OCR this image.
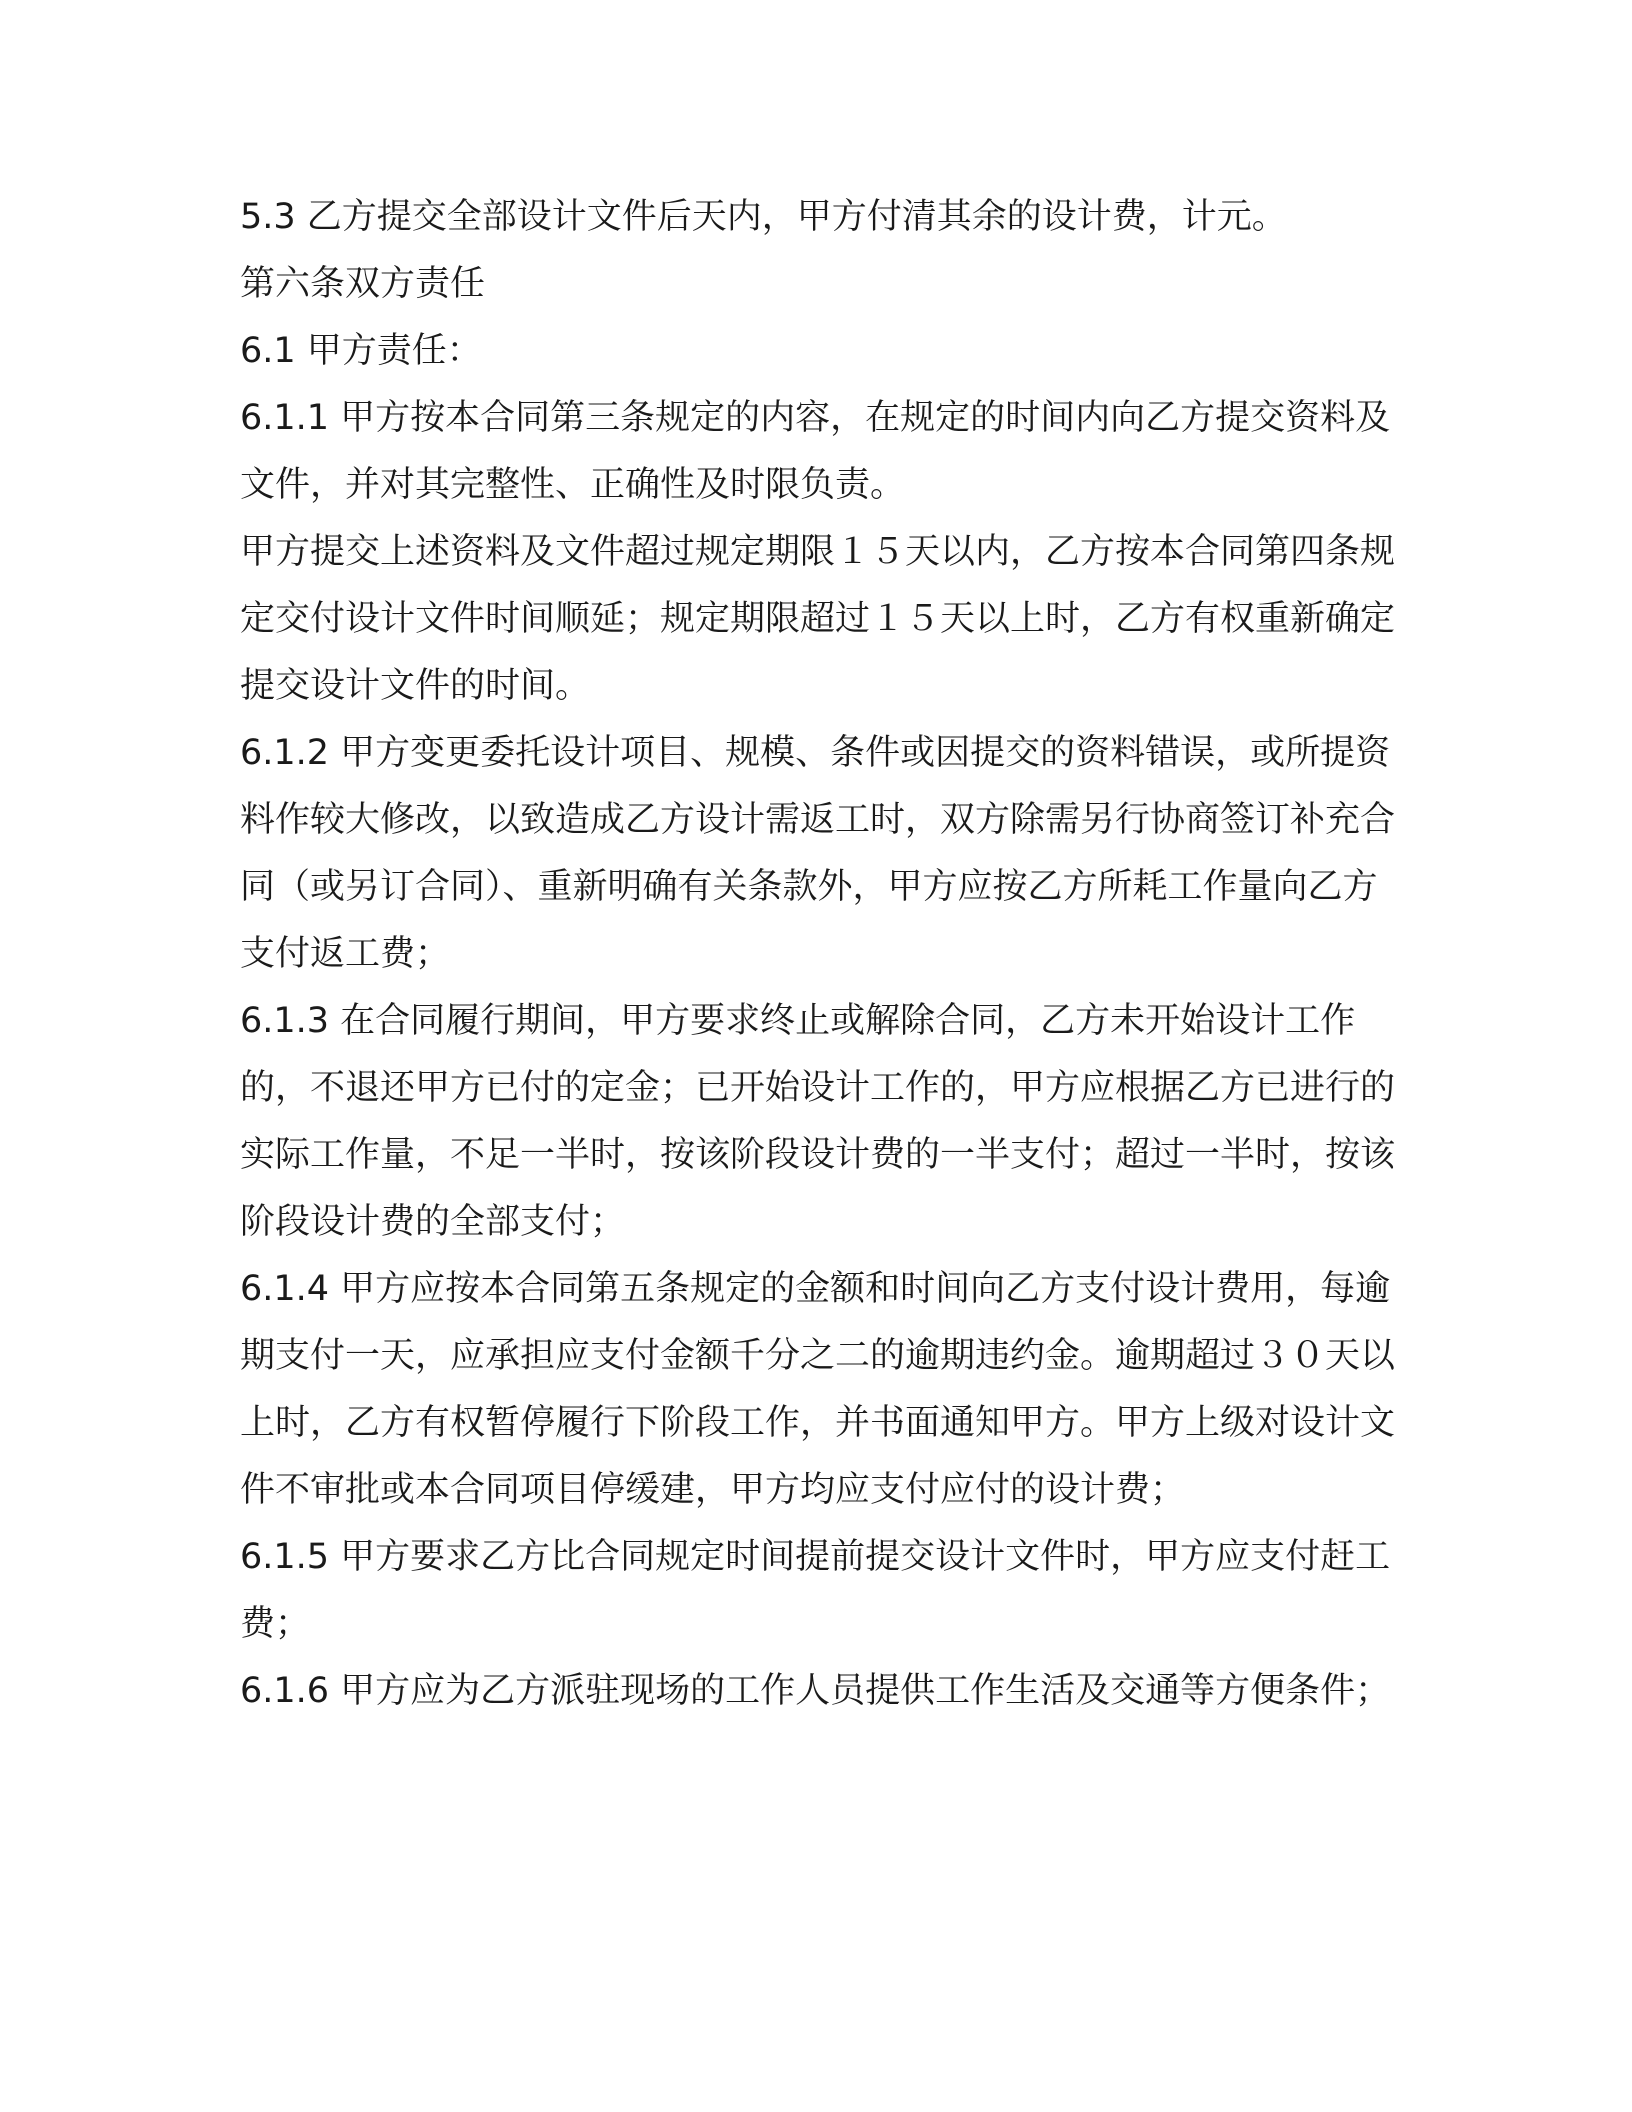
5.3 乙方提交全部设计文件后天内，甲方付清其余的设计费，计元。

第六条双方责任

6.1 甲方责任：

6.1.1 甲方按本合同第三条规定的内容，在规定的时间内向乙方提交资料及文件，并对其完整性、正确性及时限负责。

甲方提交上述资料及文件超过规定期限１５天以内，乙方按本合同第四条规定交付设计文件时间顺延；规定期限超过１５天以上时，乙方有权重新确定提交设计文件的时间。

6.1.2 甲方变更委托设计项目、规模、条件或因提交的资料错误，或所提资料作较大修改，以致造成乙方设计需返工时，双方除需另行协商签订补充合同（或另订合同）、重新明确有关条款外，甲方应按乙方所耗工作量向乙方支付返工费；

6.1.3 在合同履行期间，甲方要求终止或解除合同，乙方未开始设计工作的，不退还甲方已付的定金；已开始设计工作的，甲方应根据乙方已进行的实际工作量，不足一半时，按该阶段设计费的一半支付；超过一半时，按该阶段设计费的全部支付；

6.1.4 甲方应按本合同第五条规定的金额和时间向乙方支付设计费用，每逾期支付一天，应承担应支付金额千分之二的逾期违约金。逾期超过３０天以上时，乙方有权暂停履行下阶段工作，并书面通知甲方。甲方上级对设计文件不审批或本合同项目停缓建，甲方均应支付应付的设计费；

6.1.5 甲方要求乙方比合同规定时间提前提交设计文件时，甲方应支付赶工费；

6.1.6 甲方应为乙方派驻现场的工作人员提供工作生活及交通等方便条件；
